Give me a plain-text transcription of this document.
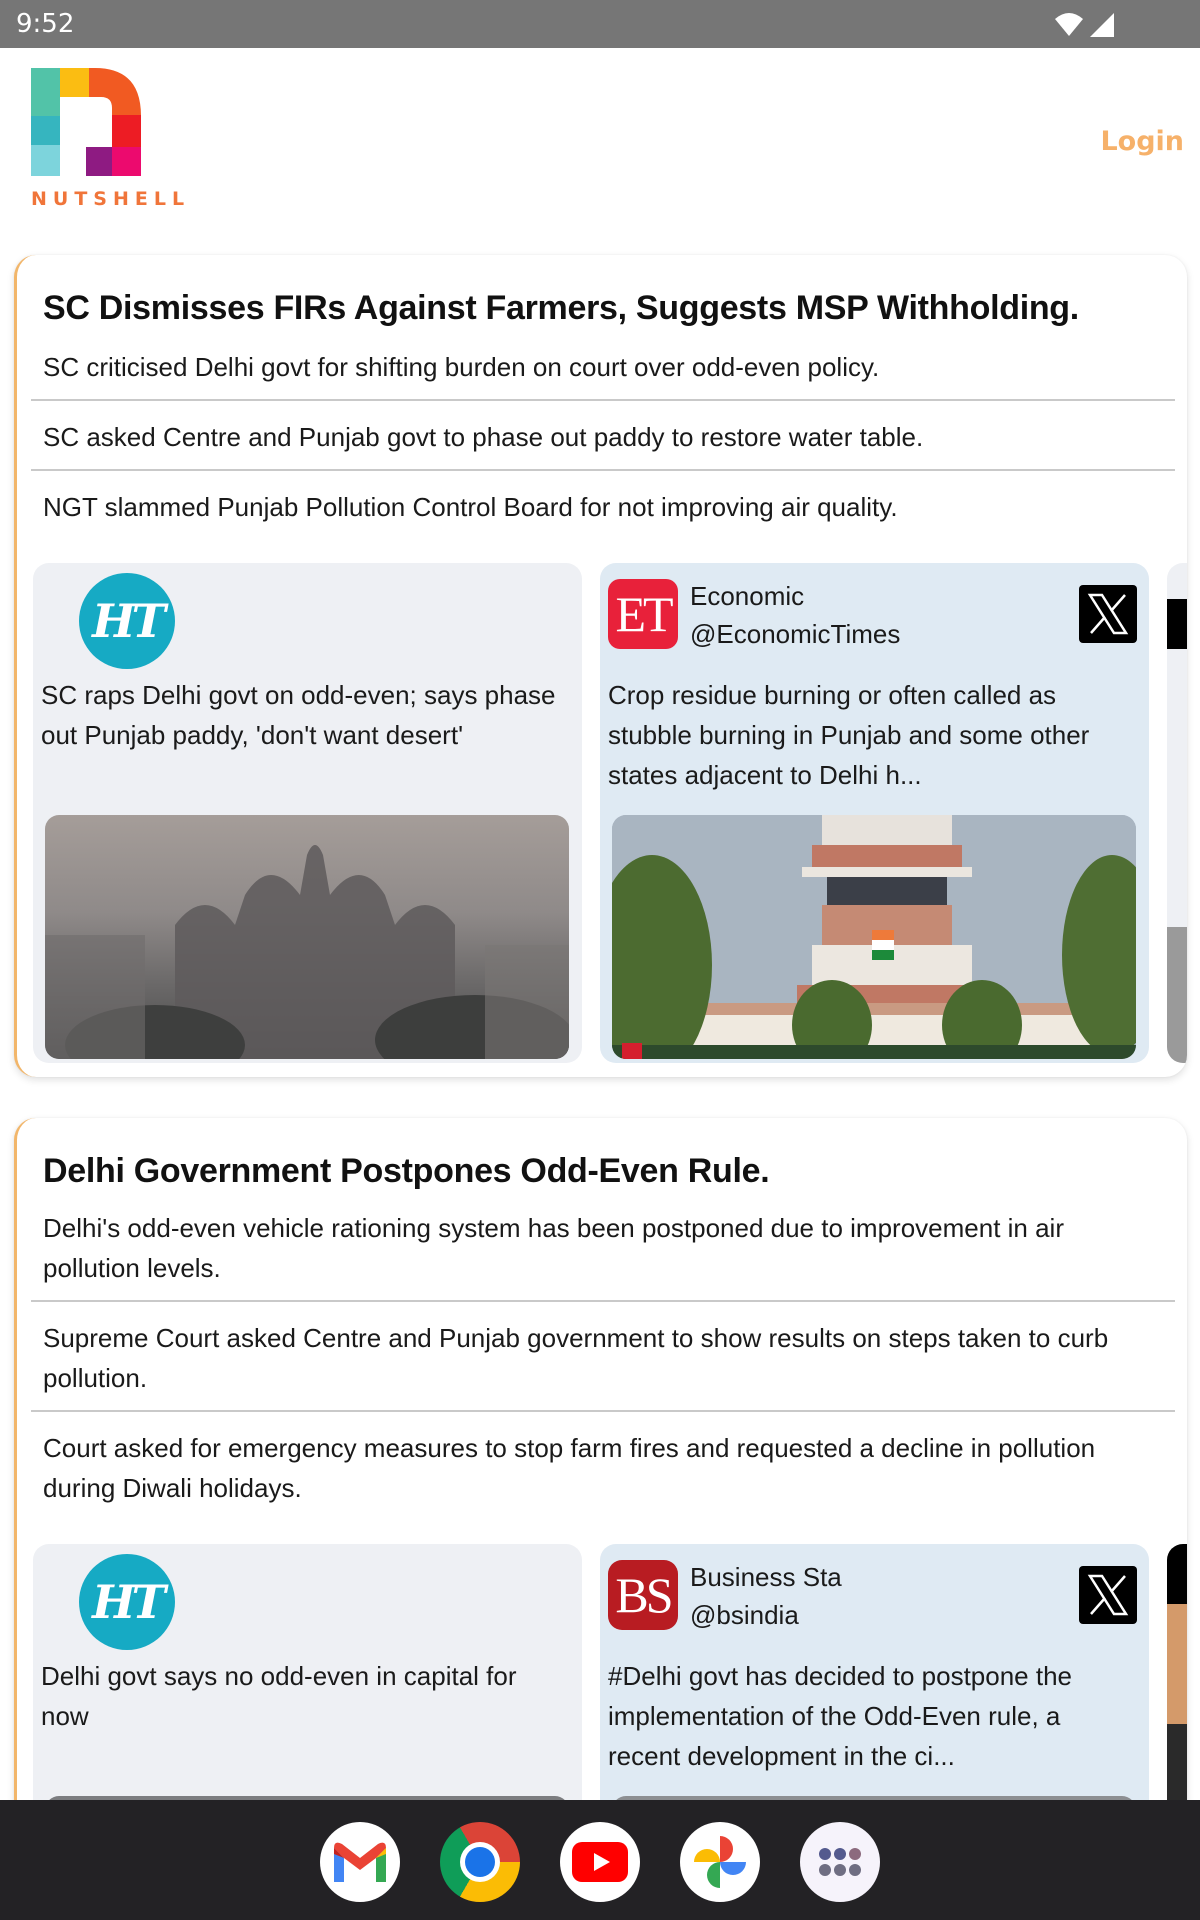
9:52
NUTSHELL
Login
SC Dismisses FIRs Against Farmers, Suggests MSP Withholding.
SC criticised Delhi govt for shifting burden on court over odd-even policy.
SC asked Centre and Punjab govt to phase out paddy to restore water table.
NGT slammed Punjab Pollution Control Board for not improving air quality.
HT
SC raps Delhi govt on odd-even; says phase out Punjab paddy, 'don't want desert'
ET Economic
@EconomicTimes
Crop residue burning or often called as stubble burning in Punjab and some other states adjacent to Delhi h...
Delhi Government Postpones Odd-Even Rule.
Delhi's odd-even vehicle rationing system has been postponed due to improvement in air pollution levels.
Supreme Court asked Centre and Punjab government to show results on steps taken to curb pollution.
Court asked for emergency measures to stop farm fires and requested a decline in pollution during Diwali holidays.
HT
Delhi govt says no odd-even in capital for now
BS Business Sta
@bsindia
#Delhi govt has decided to postpone the implementation of the Odd-Even rule, a recent development in the ci...
